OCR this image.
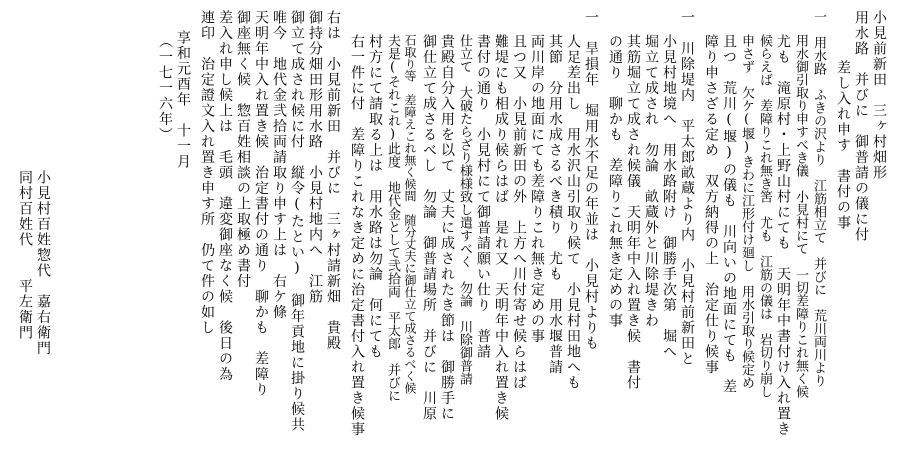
小見前新田　三ヶ村畑形
用水路　并びに　御普請の儀に付
差し入れ申す　書付の事
一　用水路　ふきの沢より　江筋相立て　并びに　荒川両川より
用水御引取り申すべき儀　小見村にて　一切差障りこれ無く候
尤も　滝原村・上野山村にても　天明年中書付け入れ置き
候らえば　差障りこれ無き筈　尤も　江筋の儀は　岩切り崩し
申さず　欠ケ(堰)きわに江形付け廻し　用水引取り候定め
且つ　荒川(堰)の儀も　川向いの地面にても　差
障り申さざる定め　双方納得の上　治定仕り候事
一　川除堤内　平太郎畝蔵より内　小見村前新田と
小見村地境へ　用水路附け　御勝手次第　堀へ
堀立て成され　勿論　畝蔵外と川除堤きわ
其筋堀立て成され候儀　天明年中入れ置き候　書付
の通り　聊かも　差障りこれ無き定めの事
一　旱損年　堀用水不足の年並は　小見村よりも
人足差出し　用水沢山引取り候て　小見村田地へも
其節　分用水成さるべき積り　尤も　用水堰普請
両川岸の地面にても差障りこれ無き定めの事
且つ又　小見前新田の外　上方へ川付寄せ候らはば
難堤にも相成り候らはば　是れ又　天明年中入れ置き候
書付の通り　小見村にて御普請願い仕り　普請
仕立て　大破たらざり様様致し遣すべく　勿論　川除御普請
貴殿自分入用を以て　丈夫に成されたき節は　御勝手に
御仕立て成さるべし　勿論　御普請場所　并びに　川原
石取り等　差障えこれ無く候間　随分丈夫に御仕立て成さるべく候
夫是(それこれ)此度　地代金として弐拾両　平太郎　并びに
村方にて請取る上は　用水路は勿論　何にても
右一件に付　差障りこれなき定めに治定書付入れ置き候事
右は　小見前新田　并びに　三ヶ村請新畑　貴殿
御持分畑田形用水路　小見村地内へ　江筋
御立て成され候に付　縦令(たとい)　御年貢地に掛り候共
唯今　地代金弐拾両請取り申す上は　右ケ條
天明年中入れ置き候　治定書付の通り　聊かも　差障り
御座無く候　惣百姓相談の上取極め書付
差入れ申し候上は　毛頭　違変御座なく候　後日の為
連印　治定證文入れ置き申す所　仍て件の如し
享和元酉年　十一月
（一七一六年）
小見村百姓惣代　嘉右衛門
同村百姓代　　平左衛門
